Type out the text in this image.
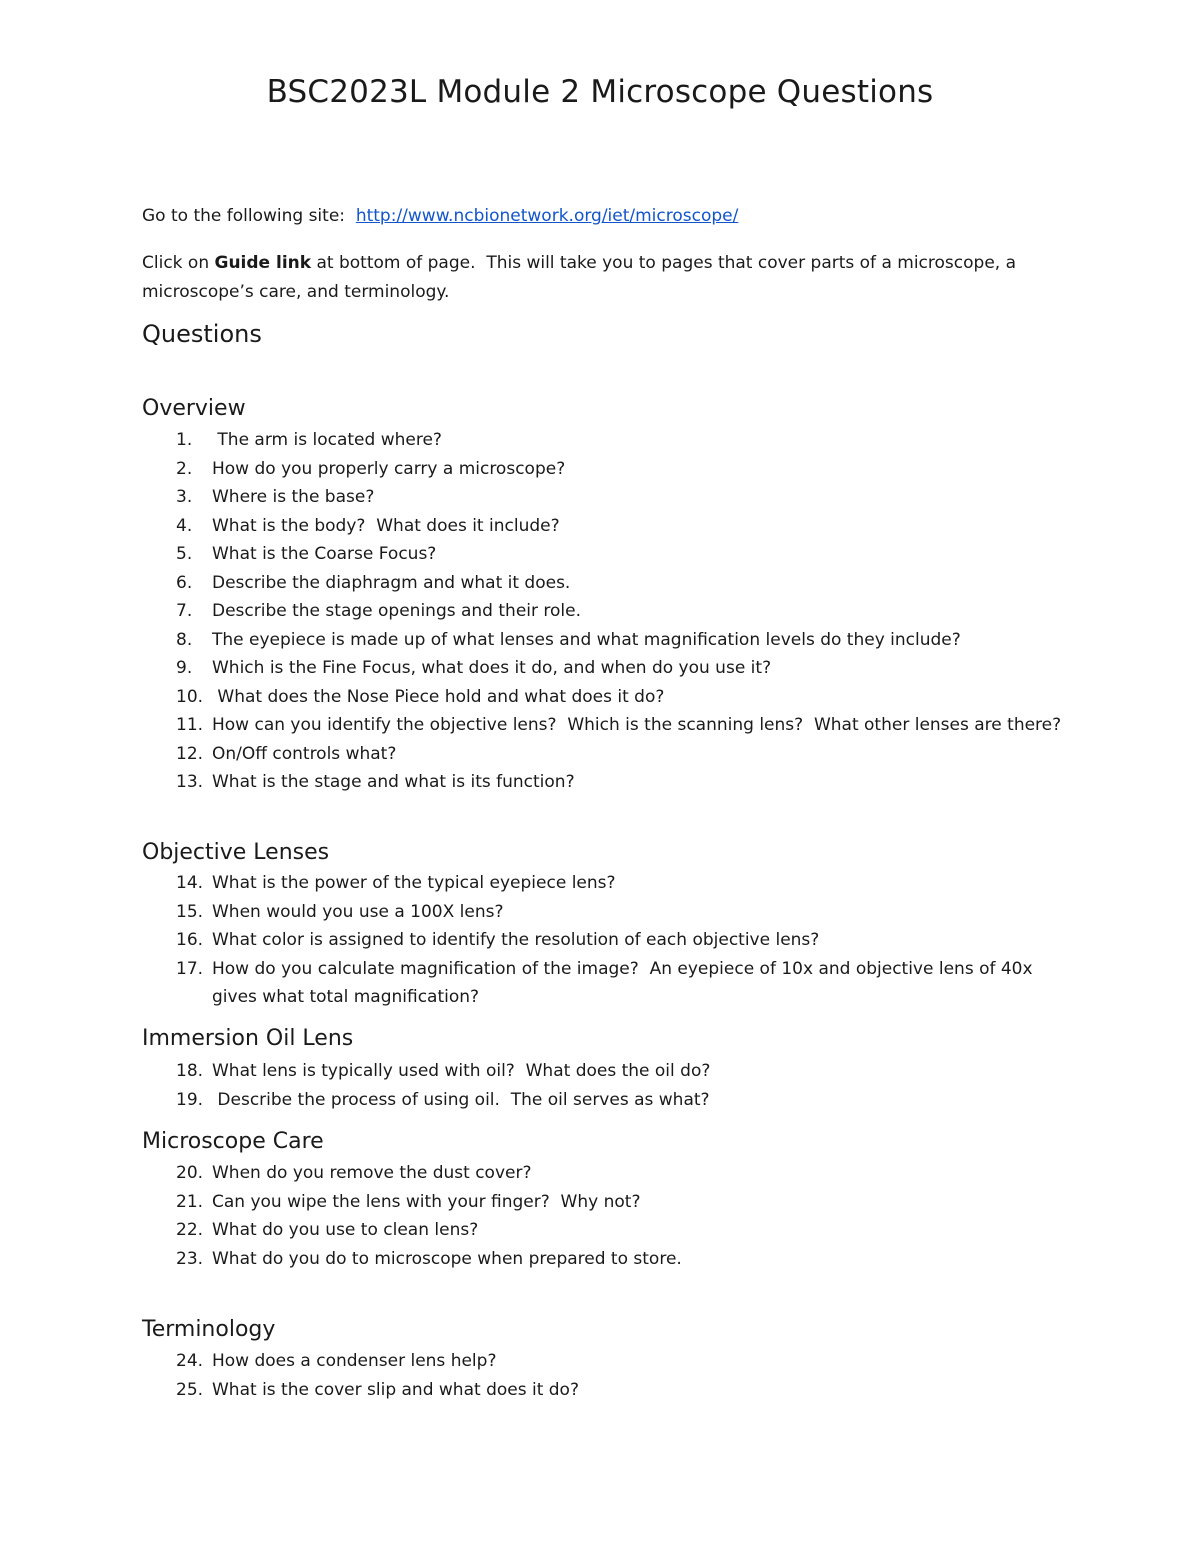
BSC2023L Module 2 Microscope Questions
Go to the following site:  http://www.ncbionetwork.org/iet/microscope/
Click on Guide link at bottom of page.  This will take you to pages that cover parts of a microscope, a microscope’s care, and terminology.
Questions
Overview
1.	The arm is located where?
2.	How do you properly carry a microscope?
3.	Where is the base?
4.	What is the body?  What does it include?
5.	What is the Coarse Focus?
6.	Describe the diaphragm and what it does.
7.	Describe the stage openings and their role.
8.	The eyepiece is made up of what lenses and what magnification levels do they include?
9.	Which is the Fine Focus, what does it do, and when do you use it?
10. What does the Nose Piece hold and what does it do?
11. How can you identify the objective lens?  Which is the scanning lens?  What other lenses are there?
12. On/Off controls what?
13. What is the stage and what is its function?
Objective Lenses
14. What is the power of the typical eyepiece lens?
15. When would you use a 100X lens?
16. What color is assigned to identify the resolution of each objective lens?
17. How do you calculate magnification of the image?  An eyepiece of 10x and objective lens of 40x gives what total magnification?
Immersion Oil Lens
18. What lens is typically used with oil?  What does the oil do?
19. Describe the process of using oil.  The oil serves as what?
Microscope Care
20. When do you remove the dust cover?
21. Can you wipe the lens with your finger?  Why not?
22. What do you use to clean lens?
23. What do you do to microscope when prepared to store.
Terminology
24. How does a condenser lens help?
25. What is the cover slip and what does it do?
